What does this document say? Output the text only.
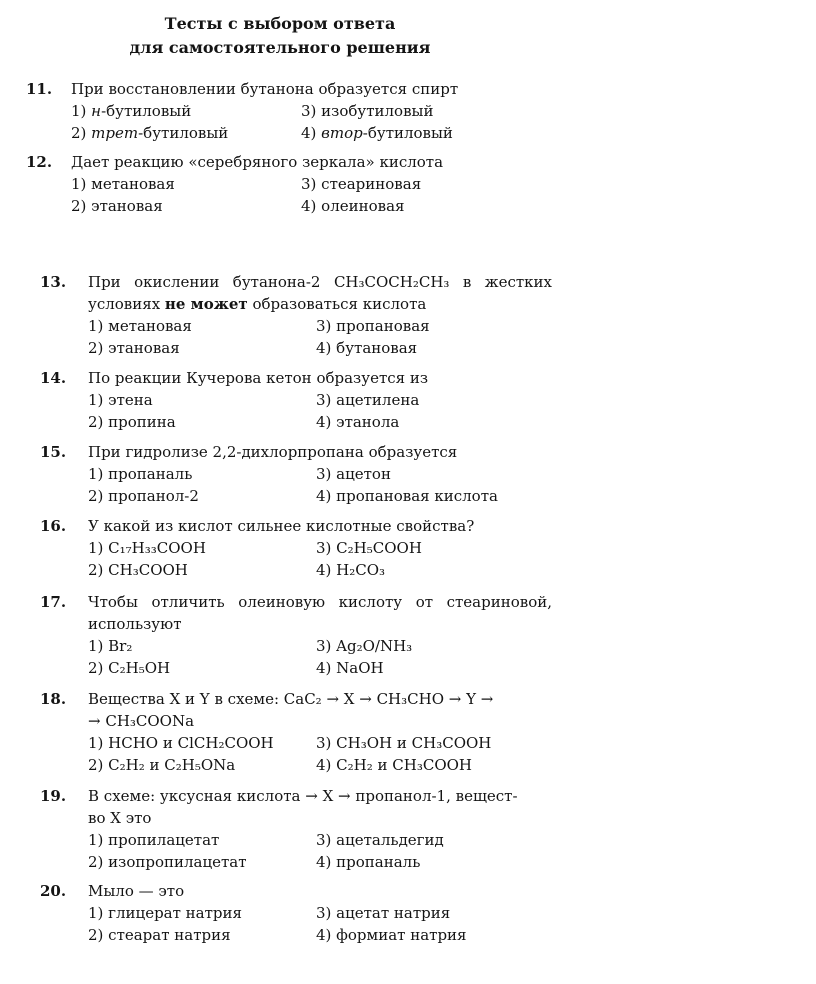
Тесты с выбором ответа
для самостоятельного решения
11. При восстановлении бутанона образуется спирт
1) н-бутиловый	3) изобутиловый
2) трет-бутиловый	4) втор-бутиловый
12. Дает реакцию «серебряного зеркала» кислота
1) метановая	3) стеариновая
2) этановая	4) олеиновая
13. При окислении бутанона-2 CH₃COCH₂CH₃ в жестких
условиях не может образоваться кислота
1) метановая	3) пропановая
2) этановая	4) бутановая
14. По реакции Кучерова кетон образуется из
1) этена	3) ацетилена
2) пропина	4) этанола
15. При гидролизе 2,2-дихлорпропана образуется
1) пропаналь	3) ацетон
2) пропанол-2	4) пропановая кислота
16. У какой из кислот сильнее кислотные свойства?
1) C₁₇H₃₃COOH	3) C₂H₅COOH
2) CH₃COOH	4) H₂CO₃
17. Чтобы отличить олеиновую кислоту от стеариновой,
используют
1) Br₂	3) Ag₂O/NH₃
2) C₂H₅OH	4) NaOH
18. Вещества X и Y в схеме: CaC₂ → X → CH₃CHO → Y →
→ CH₃COONa
1) HCHO и ClCH₂COOH	3) CH₃OH и CH₃COOH
2) C₂H₂ и C₂H₅ONa	4) C₂H₂ и CH₃COOH
19. В схеме: уксусная кислота → X → пропанол-1, вещест-
во X это
1) пропилацетат	3) ацетальдегид
2) изопропилацетат	4) пропаналь
20. Мыло — это
1) глицерат натрия	3) ацетат натрия
2) стеарат натрия	4) формиат натрия
